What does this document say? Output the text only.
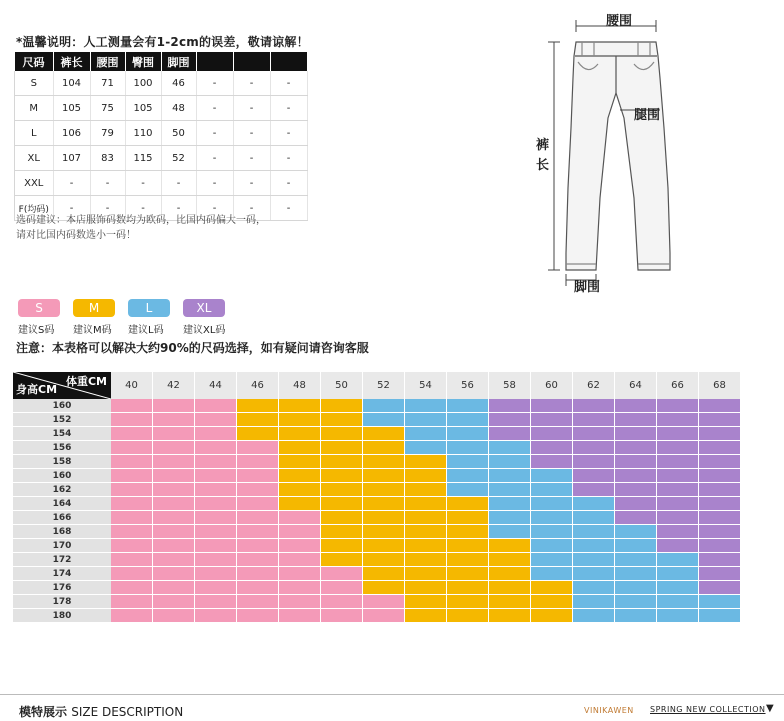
*温馨说明：人工测量会有1-2cm的误差，敬请谅解！
尺码	裤长	腰围	臀围	脚围			
S	104	71	100	46	-	-	-
M	105	75	105	48	-	-	-
L	106	79	110	50	-	-	-
XL	107	83	115	52	-	-	-
XXL	-	-	-	-	-	-	-
F(均码)	-	-	-	-	-	-	-
选码建议：本店服饰码数均为欧码，比国内码偏大一码，
请对比国内码数选小一码！
S
建议S码
M
建议M码
L
建议L码
XL
建议XL码
注意：本表格可以解决大约90%的尺码选择，如有疑问请咨询客服
腰围
腿围
裤
长
脚围
体重CM
身高CM	40	42	44	46	48	50	52	54	56	58	60	62	64	66	68
160
152
154
156
158
160
162
164
166
168
170
172
174
176
178
180
模特展示 SIZE DESCRIPTION	VINIKAWEN SPRING NEW COLLECTION ▼
